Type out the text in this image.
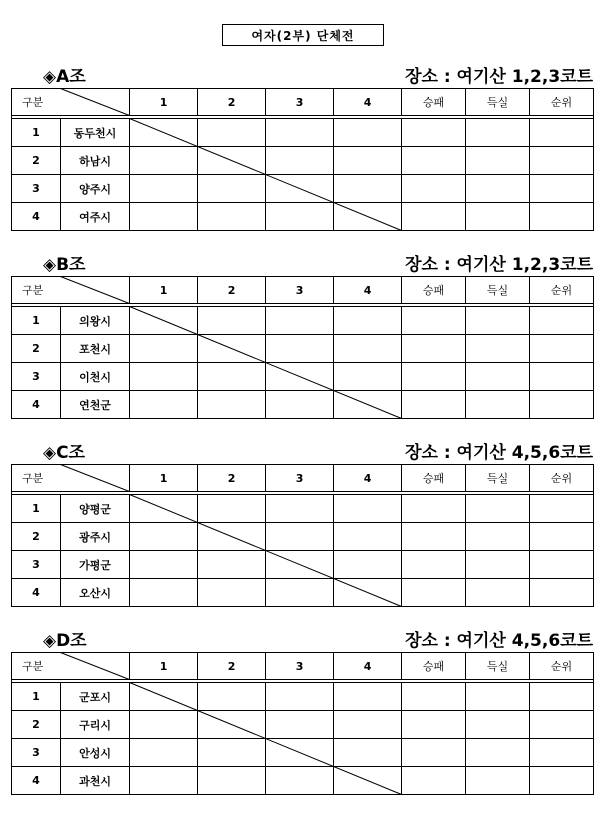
여자(2부) 단체전
◈A조	장소 : 여기산 1,2,3코트
구분		1	2	3	4	승패	득실	순위

1	동두천시							
2	하남시							
3	양주시							
4	여주시							
◈B조	장소 : 여기산 1,2,3코트
구분		1	2	3	4	승패	득실	순위

1	의왕시							
2	포천시							
3	이천시							
4	연천군							
◈C조	장소 : 여기산 4,5,6코트
구분		1	2	3	4	승패	득실	순위

1	양평군							
2	광주시							
3	가평군							
4	오산시							
◈D조	장소 : 여기산 4,5,6코트
구분		1	2	3	4	승패	득실	순위

1	군포시							
2	구리시							
3	안성시							
4	과천시							
